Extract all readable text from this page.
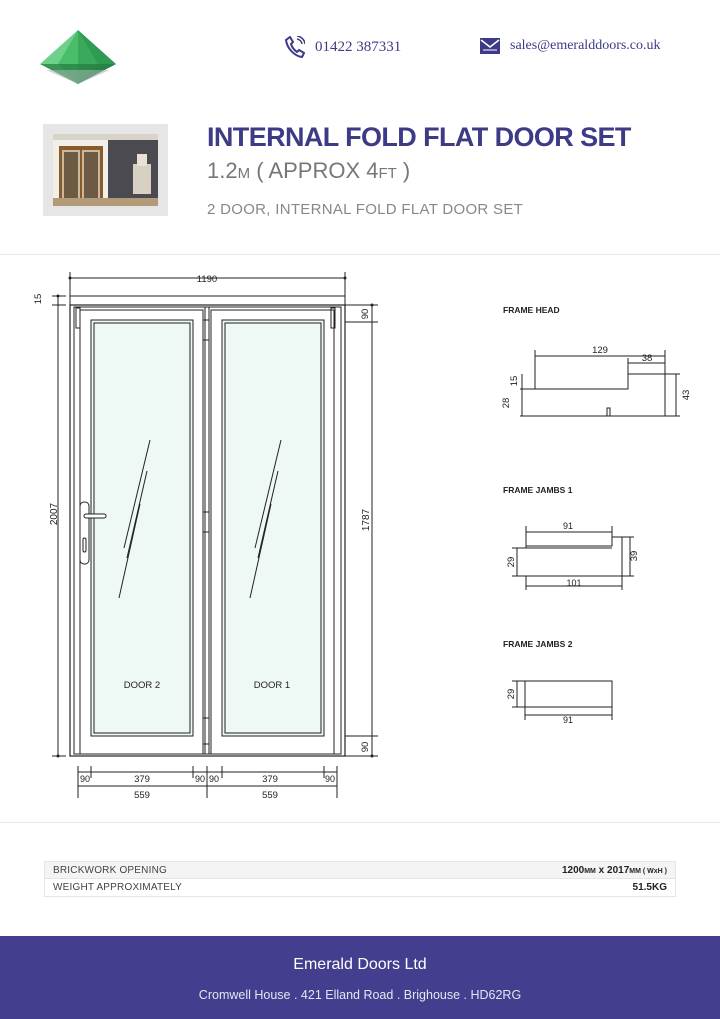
01422 387331	sales@emeralddoors.co.uk
INTERNAL FOLD FLAT DOOR SET
1.2M ( APPROX 4FT )
2 DOOR, INTERNAL FOLD FLAT DOOR SET
1190
15
2007
90
1787
90
DOOR 2	DOOR 1
90	379	90 90	379	90
559	559
FRAME HEAD
129
38
15
28
43
FRAME JAMBS 1
91
29
39
101
FRAME JAMBS 2
29
91
BRICKWORK OPENING	1200MM x 2017MM ( WxH )
WEIGHT APPROXIMATELY	51.5KG
Emerald Doors Ltd
Cromwell House . 421 Elland Road . Brighouse . HD62RG
